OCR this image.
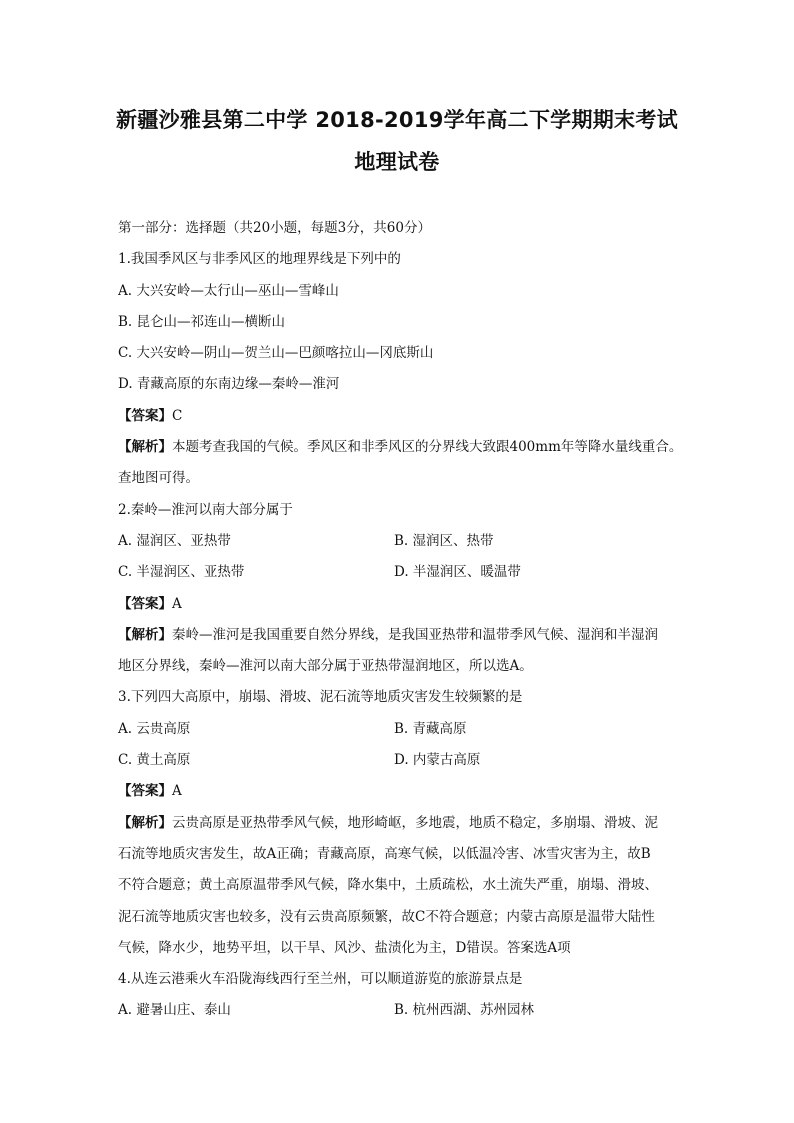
新疆沙雅县第二中学 2018-2019学年高二下学期期末考试
地理试卷
第一部分：选择题（共20小题，每题3分，共60分）
1.我国季风区与非季风区的地理界线是下列中的
A. 大兴安岭—太行山—巫山—雪峰山
B. 昆仑山—祁连山—横断山
C. 大兴安岭—阴山—贺兰山—巴颜喀拉山—冈底斯山
D. 青藏高原的东南边缘—秦岭—淮河
【答案】C
【解析】本题考查我国的气候。季风区和非季风区的分界线大致跟400mm年等降水量线重合。
查地图可得。
2.秦岭—淮河以南大部分属于
A. 湿润区、亚热带	B. 湿润区、热带
C. 半湿润区、亚热带	D. 半湿润区、暖温带
【答案】A
【解析】秦岭—淮河是我国重要自然分界线，是我国亚热带和温带季风气候、湿润和半湿润
地区分界线，秦岭—淮河以南大部分属于亚热带湿润地区，所以选A。
3.下列四大高原中，崩塌、滑坡、泥石流等地质灾害发生较频繁的是
A. 云贵高原	B. 青藏高原
C. 黄土高原	D. 内蒙古高原
【答案】A
【解析】云贵高原是亚热带季风气候，地形崎岖，多地震，地质不稳定，多崩塌、滑坡、泥
石流等地质灾害发生，故A正确；青藏高原，高寒气候，以低温冷害、冰雪灾害为主，故B
不符合题意；黄土高原温带季风气候，降水集中，土质疏松，水土流失严重，崩塌、滑坡、
泥石流等地质灾害也较多，没有云贵高原频繁，故C不符合题意；内蒙古高原是温带大陆性
气候，降水少，地势平坦，以干旱、风沙、盐渍化为主，D错误。答案选A项
4.从连云港乘火车沿陇海线西行至兰州，可以顺道游览的旅游景点是
A. 避暑山庄、泰山	B. 杭州西湖、苏州园林
